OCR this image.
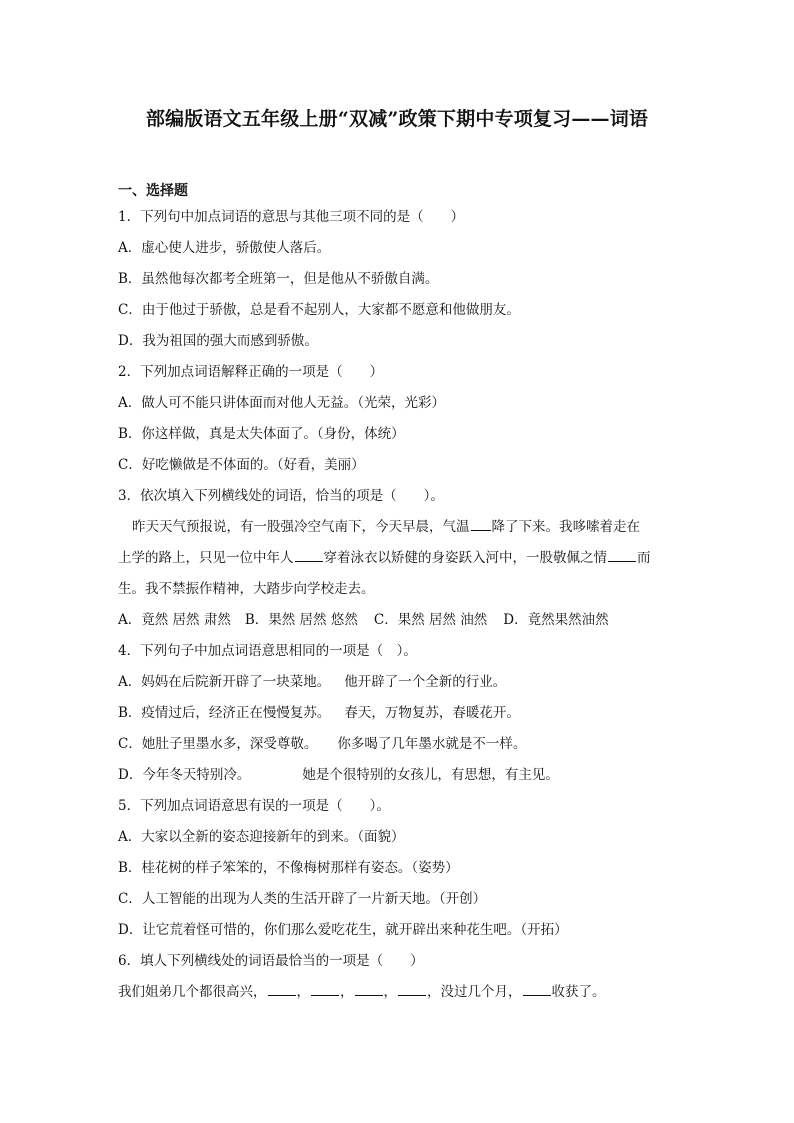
部编版语文五年级上册“双减”政策下期中专项复习——词语
一、选择题
1．下列句中加点词语的意思与其他三项不同的是（　　）
A．虚心使人进步，骄傲使人落后。
B．虽然他每次都考全班第一，但是他从不骄傲自满。
C．由于他过于骄傲，总是看不起别人，大家都不愿意和他做朋友。
D．我为祖国的强大而感到骄傲。
2．下列加点词语解释正确的一项是（　　）
A．做人可不能只讲体面而对他人无益。（光荣，光彩）
B．你这样做，真是太失体面了。（身份，体统）
C．好吃懒做是不体面的。（好看，美丽）
3．依次填入下列横线处的词语，恰当的项是（　　）。
昨天天气预报说，有一股强冷空气南下，今天早晨，气温 降了下来。我哆嗦着走在
上学的路上，只见一位中年人 穿着泳衣以矫健的身姿跃入河中，一股敬佩之情 而
生。我不禁振作精神，大踏步向学校走去。
A．竟然 居然 肃然 B．果然 居然 悠然 C．果然 居然 油然 D．竟然果然油然
4．下列句子中加点词语意思相同的一项是（　）。
A．妈妈在后院新开辟了一块菜地。 他开辟了一个全新的行业。
B．疫情过后，经济正在慢慢复苏。 春天，万物复苏，春暖花开。
C．她肚子里墨水多，深受尊敬。 你多喝了几年墨水就是不一样。
D．今年冬天特别冷。	她是个很特别的女孩儿，有思想，有主见。
5．下列加点词语意思有误的一项是（　　）。
A．大家以全新的姿态迎接新年的到来。（面貌）
B．桂花树的样子笨笨的，不像梅树那样有姿态。（姿势）
C．人工智能的出现为人类的生活开辟了一片新天地。（开创）
D．让它荒着怪可惜的，你们那么爱吃花生，就开辟出来种花生吧。（开拓）
6．填人下列横线处的词语最恰当的一项是（　　）
我们姐弟几个都很高兴， ， ， ， ，没过几个月， 收获了。
